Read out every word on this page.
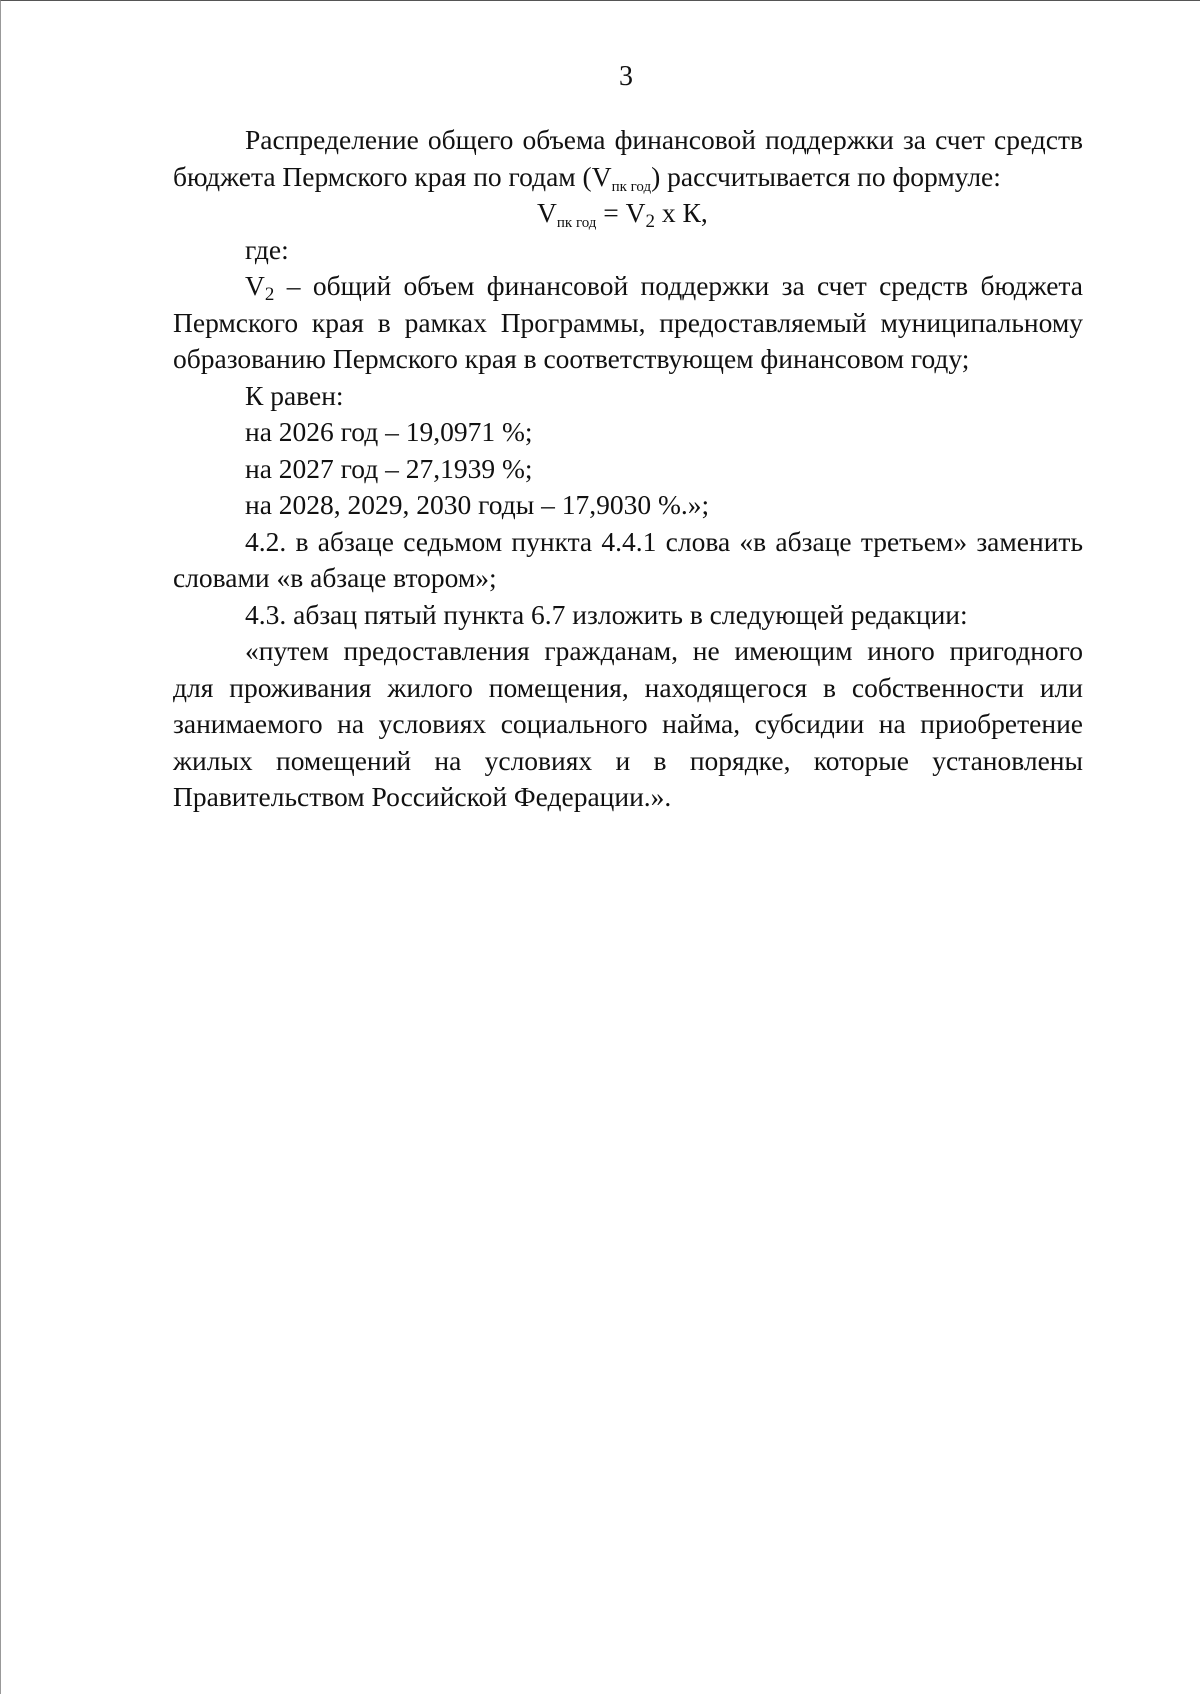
3

Распределение общего объема финансовой поддержки за счет средств бюджета Пермского края по годам $(V_{пк год})$ рассчитывается по формуле:

$V_{пк год} = V2$ х К,

где:

V2 – общий объем финансовой поддержки за счет средств бюджета Пермского края в рамках Программы, предоставляемый муниципальному образованию Пермского края в соответствующем финансовом году;

К равен:

на 2026 год – 19,0971 %;

на 2027 год – 27,1939 %;

на 2028, 2029, 2030 годы – 17,9030 %.»;

4.2. в абзаце седьмом пункта 4.4.1 слова «в абзаце третьем» заменить словами «в абзаце втором»;

4.3. абзац пятый пункта 6.7 изложить в следующей редакции:

«путем предоставления гражданам, не имеющим иного пригодного для проживания жилого помещения, находящегося в собственности или занимаемого на условиях социального найма, субсидии на приобретение жилых помещений на условиях и в порядке, которые установлены Правительством Российской Федерации.».
